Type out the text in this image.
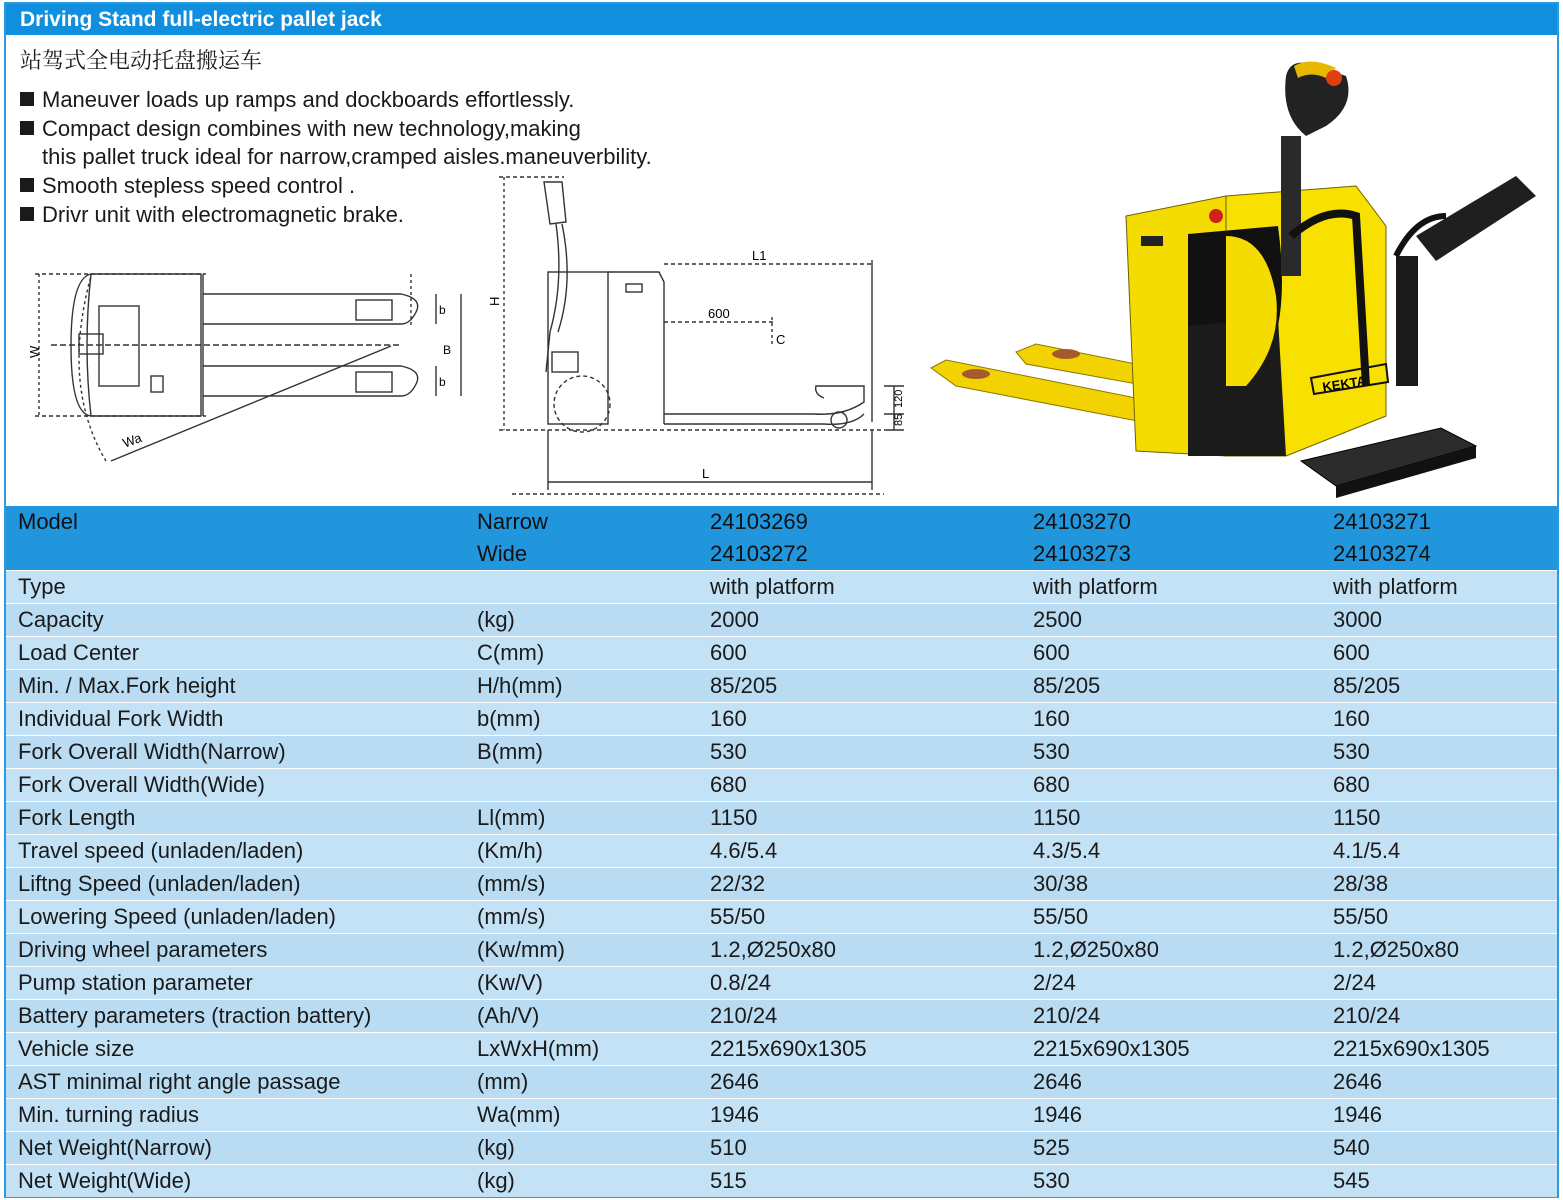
Driving Stand full-electric pallet jack
站驾式全电动托盘搬运车
Maneuver loads up ramps and dockboards effortlessly.
Compact design combines with new technology,making
this pallet truck ideal for narrow,cramped aisles.maneuverbility.
Smooth stepless speed control .
Drivr unit with electromagnetic brake.
W
b
B
b
Wa
H
L1
600
C
120
85
L
KEKTA
Model	Narrow	24103269	24103270	24103271
	Wide	24103272	24103273	24103274
Type		with platform	with platform	with platform
Capacity	(kg)	2000	2500	3000
Load Center	C(mm)	600	600	600
Min. / Max.Fork height	H/h(mm)	85/205	85/205	85/205
Individual Fork Width	b(mm)	160	160	160
Fork Overall Width(Narrow)	B(mm)	530	530	530
Fork Overall Width(Wide)		680	680	680
Fork Length	Ll(mm)	1150	1150	1150
Travel speed (unladen/laden)	(Km/h)	4.6/5.4	4.3/5.4	4.1/5.4
Liftng Speed (unladen/laden)	(mm/s)	22/32	30/38	28/38
Lowering Speed (unladen/laden)	(mm/s)	55/50	55/50	55/50
Driving wheel parameters	(Kw/mm)	1.2,Ø250x80	1.2,Ø250x80	1.2,Ø250x80
Pump station parameter	(Kw/V)	0.8/24	2/24	2/24
Battery parameters (traction battery)	(Ah/V)	210/24	210/24	210/24
Vehicle size	LxWxH(mm)	2215x690x1305	2215x690x1305	2215x690x1305
AST minimal right angle passage	(mm)	2646	2646	2646
Min. turning radius	Wa(mm)	1946	1946	1946
Net Weight(Narrow)	(kg)	510	525	540
Net Weight(Wide)	(kg)	515	530	545
